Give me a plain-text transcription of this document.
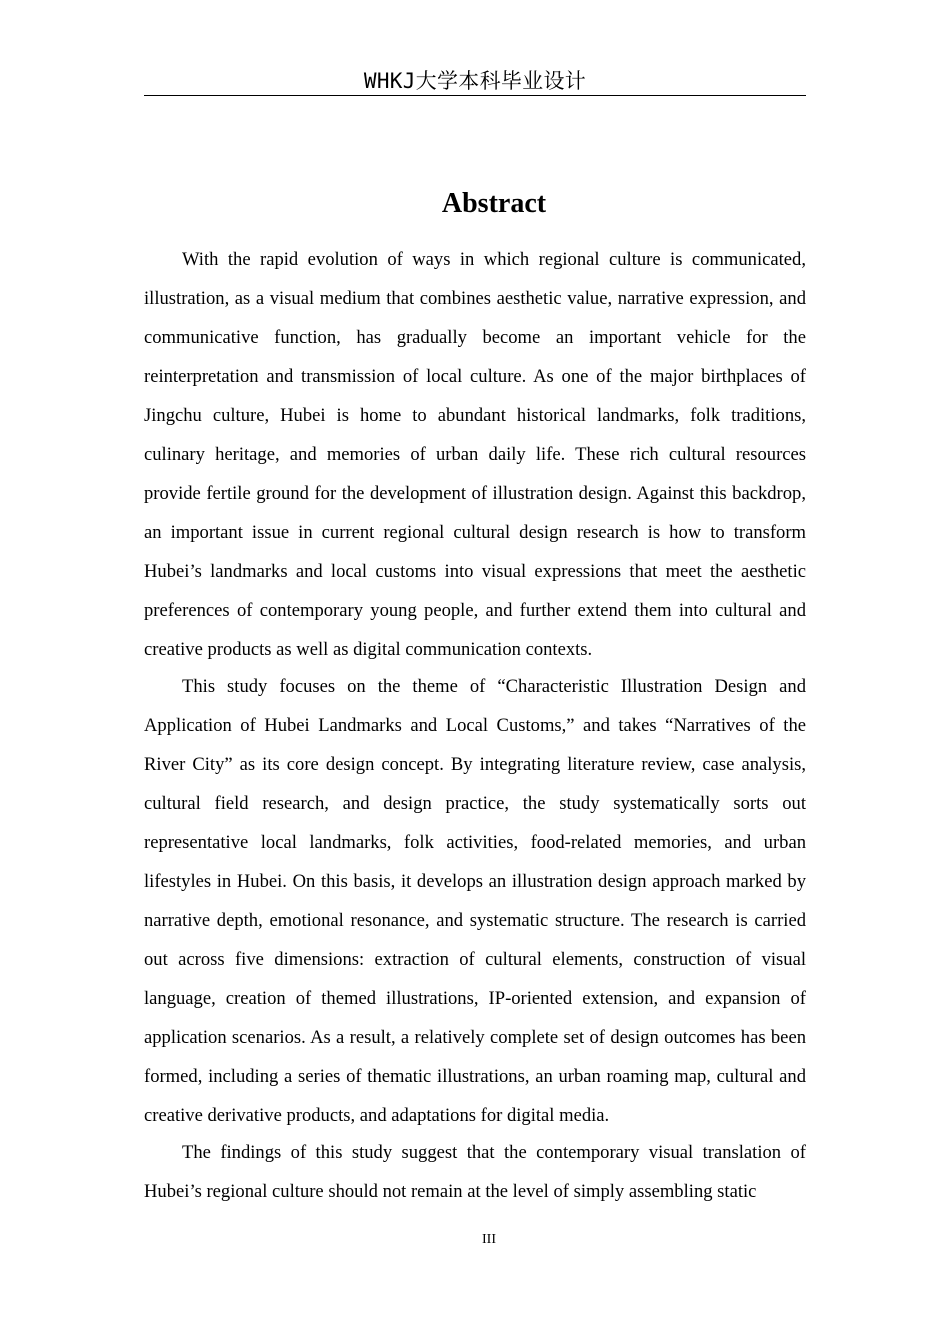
WHKJ大学本科毕业设计
Abstract

With the rapid evolution of ways in which regional culture is communicated, illustration, as a visual medium that combines aesthetic value, narrative expression, and communicative function, has gradually become an important vehicle for the reinterpretation and transmission of local culture. As one of the major birthplaces of Jingchu culture, Hubei is home to abundant historical landmarks, folk traditions, culinary heritage, and memories of urban daily life. These rich cultural resources provide fertile ground for the development of illustration design. Against this backdrop, an important issue in current regional cultural design research is how to transform Hubei’s landmarks and local customs into visual expressions that meet the aesthetic preferences of contemporary young people, and further extend them into cultural and creative products as well as digital communication contexts.

This study focuses on the theme of “Characteristic Illustration Design and Application of Hubei Landmarks and Local Customs,” and takes “Narratives of the River City” as its core design concept. By integrating literature review, case analysis, cultural field research, and design practice, the study systematically sorts out representative local landmarks, folk activities, food-related memories, and urban lifestyles in Hubei. On this basis, it develops an illustration design approach marked by narrative depth, emotional resonance, and systematic structure. The research is carried out across five dimensions: extraction of cultural elements, construction of visual language, creation of themed illustrations, IP-oriented extension, and expansion of application scenarios. As a result, a relatively complete set of design outcomes has been formed, including a series of thematic illustrations, an urban roaming map, cultural and creative derivative products, and adaptations for digital media.

The findings of this study suggest that the contemporary visual translation of Hubei’s regional culture should not remain at the level of simply assembling static

III
